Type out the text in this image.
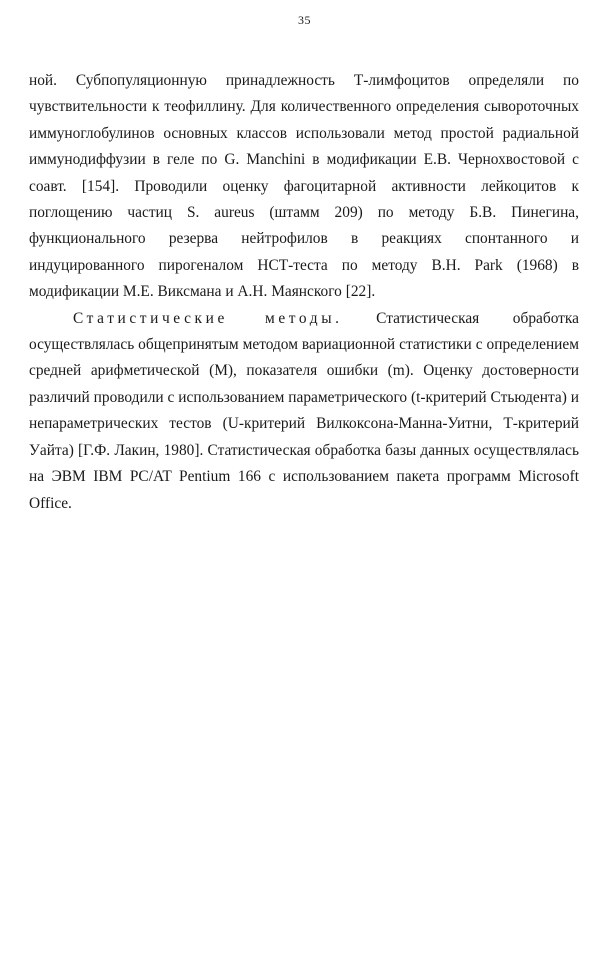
35

ной. Субпопуляционную принадлежность Т-лимфоцитов определяли по чувствительности к теофиллину. Для количественного определения сывороточных иммуноглобулинов основных классов использовали метод простой радиальной иммунодиффузии в геле по G. Manchini в модификации Е.В. Чернохвостовой с соавт. [154]. Проводили оценку фагоцитарной активности лейкоцитов к поглощению частиц S. aureus (штамм 209) по методу Б.В. Пинегина, функционального резерва нейтрофилов в реакциях спонтанного и индуцированного пирогеналом НСТ-теста по методу B.H. Park (1968) в модификации М.Е. Виксмана и А.Н. Маянского [22].

Статистические методы. Статистическая обработка осуществлялась общепринятым методом вариационной статистики с определением средней арифметической (М), показателя ошибки (m). Оценку достоверности различий проводили с использованием параметрического (t-критерий Стьюдента) и непараметрических тестов (U-критерий Вилкоксона-Манна-Уитни, Т-критерий Уайта) [Г.Ф. Лакин, 1980]. Статистическая обработка базы данных осуществлялась на ЭВМ IBM PC/AT Pentium 166 с использованием пакета программ Microsoft Office.
